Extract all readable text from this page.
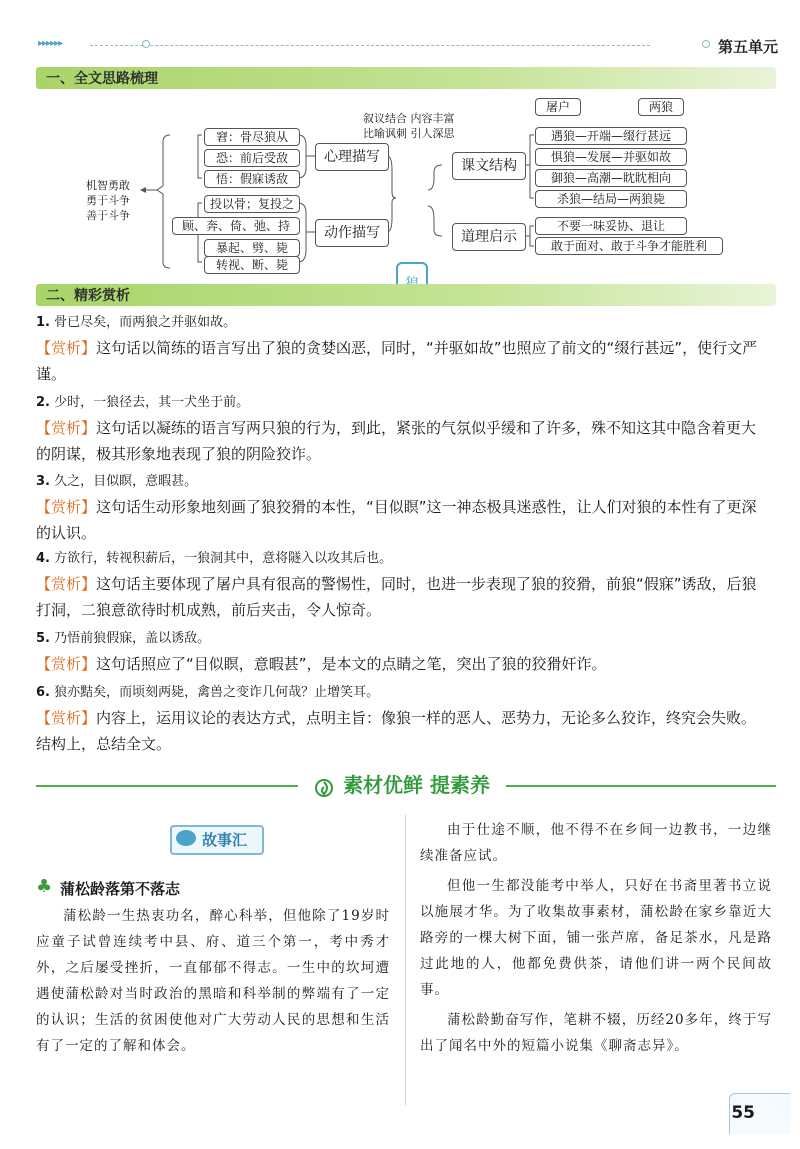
▸▸▸▸▸▸	第五单元
一、全文思路梳理
机智勇敢
勇于斗争
善于斗争
叙议结合 内容丰富
比喻讽刺 引人深思
窘：骨尽狼从
恐：前后受敌
悟：假寐诱敌
投以骨；复投之
顾、奔、倚、弛、持
暴起、劈、毙
转视、断、毙
心理描写
动作描写
课文结构
道理启示
屠户	两狼
遇狼—开端—缀行甚远
惧狼—发展—并驱如故
御狼—高潮—眈眈相向
杀狼—结局—两狼毙
不要一味妥协、退让
敢于面对、敢于斗争才能胜利
二、精彩赏析
1. 骨已尽矣，而两狼之并驱如故。
【赏析】这句话以简练的语言写出了狼的贪婪凶恶，同时，“并驱如故”也照应了前文的“缀行甚远”，使行文严谨。
2. 少时，一狼径去，其一犬坐于前。
【赏析】这句话以凝练的语言写两只狼的行为，到此，紧张的气氛似乎缓和了许多，殊不知这其中隐含着更大的阴谋，极其形象地表现了狼的阴险狡诈。
3. 久之，目似瞑，意暇甚。
【赏析】这句话生动形象地刻画了狼狡猾的本性，“目似瞑”这一神态极具迷惑性，让人们对狼的本性有了更深的认识。
4. 方欲行，转视积薪后，一狼洞其中，意将隧入以攻其后也。
【赏析】这句话主要体现了屠户具有很高的警惕性，同时，也进一步表现了狼的狡猾，前狼“假寐”诱敌，后狼打洞，二狼意欲待时机成熟，前后夹击，令人惊奇。
5. 乃悟前狼假寐，盖以诱敌。
【赏析】这句话照应了“目似瞑，意暇甚”，是本文的点睛之笔，突出了狼的狡猾奸诈。
6. 狼亦黠矣，而顷刻两毙，禽兽之变诈几何哉？止增笑耳。
【赏析】内容上，运用议论的表达方式，点明主旨：像狼一样的恶人、恶势力，无论多么狡诈，终究会失败。结构上，总结全文。
素材优鲜 提素养
故事汇
♣ 蒲松龄落第不落志

蒲松龄一生热衷功名，醉心科举，但他除了19岁时应童子试曾连续考中县、府、道三个第一，考中秀才外，之后屡受挫折，一直郁郁不得志。一生中的坎坷遭遇使蒲松龄对当时政治的黑暗和科举制的弊端有了一定的认识；生活的贫困使他对广大劳动人民的思想和生活有了一定的了解和体会。

由于仕途不顺，他不得不在乡间一边教书，一边继续准备应试。

但他一生都没能考中举人，只好在书斋里著书立说以施展才华。为了收集故事素材，蒲松龄在家乡靠近大路旁的一棵大树下面，铺一张芦席，备足茶水，凡是路过此地的人，他都免费供茶，请他们讲一两个民间故事。

蒲松龄勤奋写作，笔耕不辍，历经20多年，终于写出了闻名中外的短篇小说集《聊斋志异》。

55
